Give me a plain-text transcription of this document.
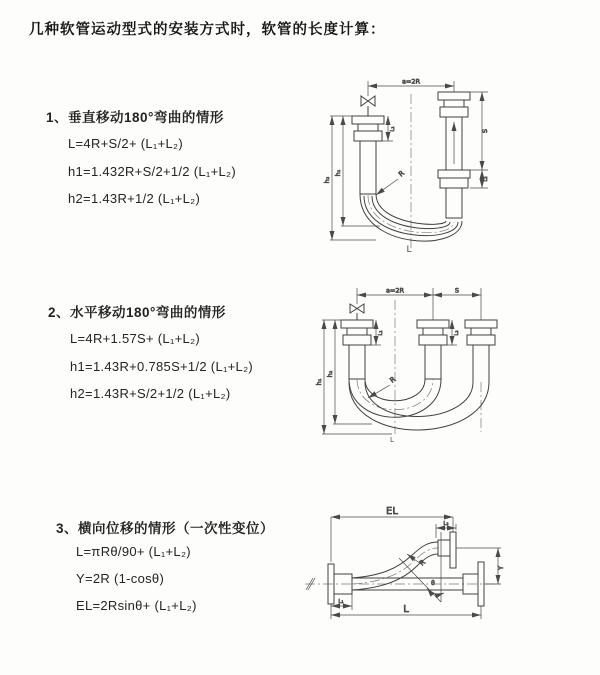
几种软管运动型式的安装方式时，软管的长度计算：
1、垂直移动180°弯曲的情形
L=4R+S/2+ (L₁+L₂)
h1=1.432R+S/2+1/2 (L₁+L₂)
h2=1.43R+1/2 (L₁+L₂)
2、水平移动180°弯曲的情形
L=4R+1.57S+ (L₁+L₂)
h1=1.43R+0.785S+1/2 (L₁+L₂)
h2=1.43R+S/2+1/2 (L₁+L₂)
3、横向位移的情形（一次性变位）
L=πRθ/90+ (L₁+L₂)
Y=2R (1-cosθ)
EL=2Rsinθ+ (L₁+L₂)
a=2R
h₂
h₁
L₁	S
L₂
R
L
a=2R	S
h₁
h₂
L₁	L₂
R
L
EL
L₂
Y
L
L₁
θ
R
